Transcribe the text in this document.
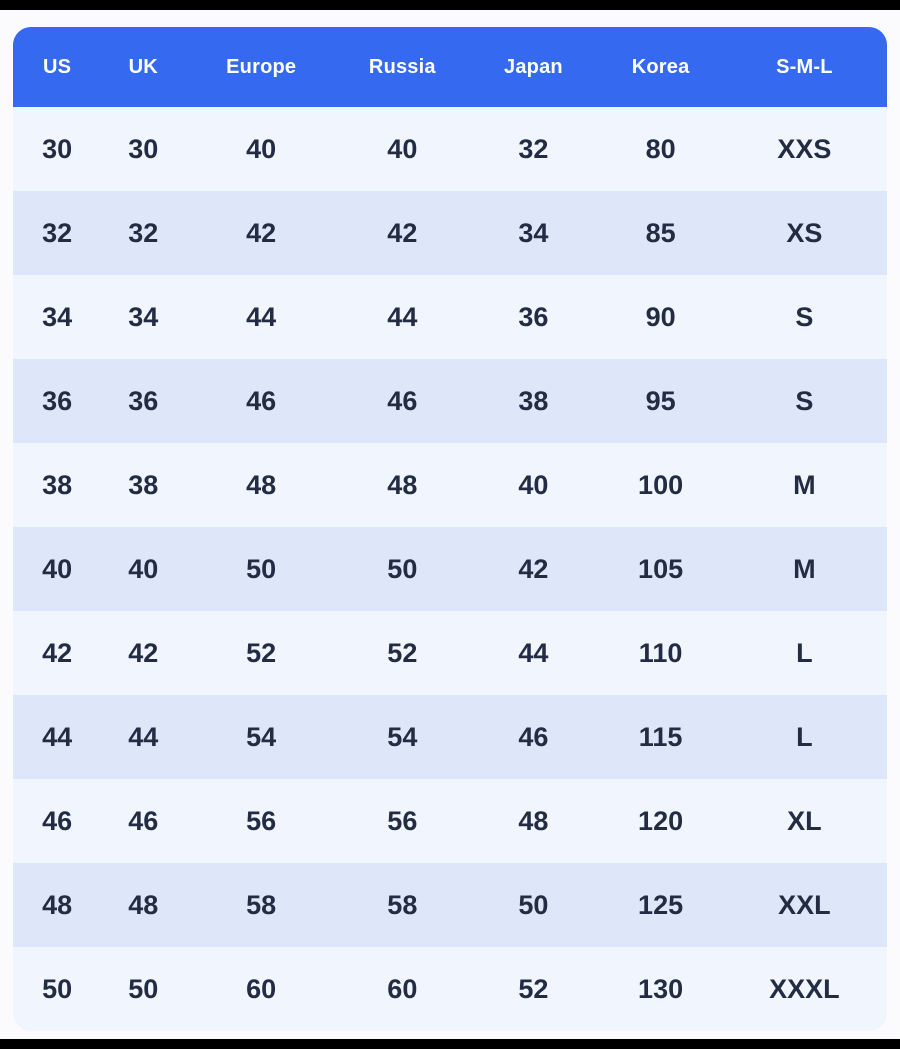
US	UK	Europe	Russia	Japan	Korea	S-M-L
30	30	40	40	32	80	XXS
32	32	42	42	34	85	XS
34	34	44	44	36	90	S
36	36	46	46	38	95	S
38	38	48	48	40	100	M
40	40	50	50	42	105	M
42	42	52	52	44	110	L
44	44	54	54	46	115	L
46	46	56	56	48	120	XL
48	48	58	58	50	125	XXL
50	50	60	60	52	130	XXXL
